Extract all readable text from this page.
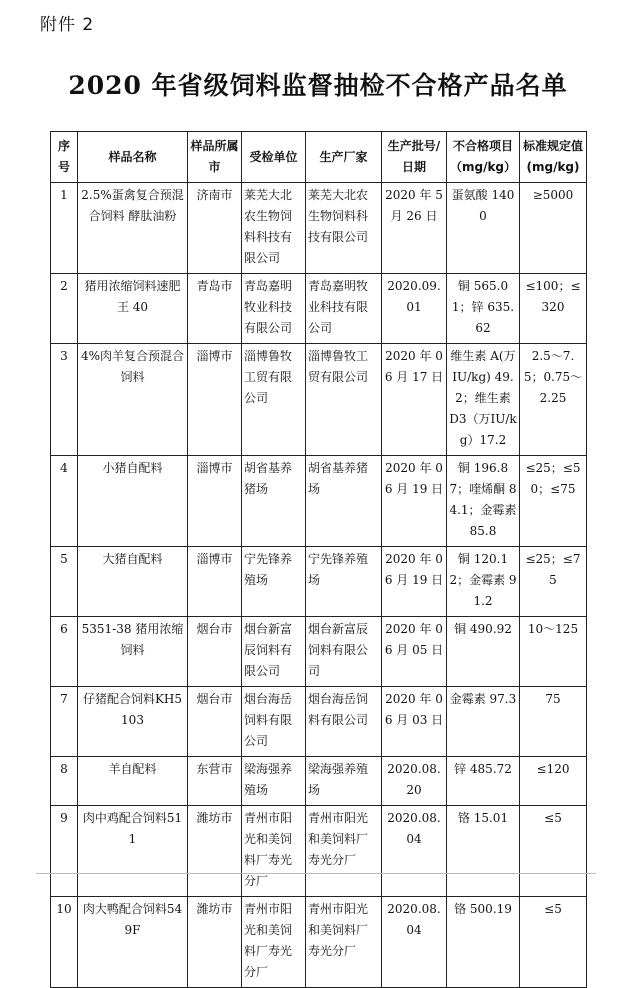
附件 2
2020 年省级饲料监督抽检不合格产品名单
序号	样品名称	样品所属市	受检单位	生产厂家	生产批号/日期	不合格项目（mg/kg）	标准规定值(mg/kg)
1	2.5%蛋禽复合预混合饲料 酵肽油粉	济南市	莱芜大北农生物饲料科技有限公司	莱芜大北农生物饲料科技有限公司	2020 年 5 月 26 日	蛋氨酸 1400	≥5000
2	猪用浓缩饲料速肥王 40	青岛市	青岛嘉明牧业科技有限公司	青岛嘉明牧业科技有限公司	2020.09.01	铜 565.01；锌 635.62	≤100；≤320
3	4%肉羊复合预混合饲料	淄博市	淄博鲁牧工贸有限公司	淄博鲁牧工贸有限公司	2020 年 06 月 17 日	维生素 A(万IU/kg) 49.2；维生素 D3（万IU/kg）17.2	2.5～7.5；0.75～2.25
4	小猪自配料	淄博市	胡省基养猪场	胡省基养猪场	2020 年 06 月 19 日	铜 196.87；喹烯酮 84.1；金霉素 85.8	≤25；≤50；≤75
5	大猪自配料	淄博市	宁先锋养殖场	宁先锋养殖场	2020 年 06 月 19 日	铜 120.12；金霉素 91.2	≤25；≤75
6	5351-38 猪用浓缩饲料	烟台市	烟台新富辰饲料有限公司	烟台新富辰饲料有限公司	2020 年 06 月 05 日	铜 490.92	10～125
7	仔猪配合饲料KH5103	烟台市	烟台海岳饲料有限公司	烟台海岳饲料有限公司	2020 年 06 月 03 日	金霉素 97.3	75
8	羊自配料	东营市	梁海强养殖场	梁海强养殖场	2020.08.20	锌 485.72	≤120
9	肉中鸡配合饲料511	潍坊市	青州市阳光和美饲料厂寿光分厂	青州市阳光和美饲料厂寿光分厂	2020.08.04	铬 15.01	≤5
10	肉大鸭配合饲料549F	潍坊市	青州市阳光和美饲料厂寿光分厂	青州市阳光和美饲料厂寿光分厂	2020.08.04	铬 500.19	≤5
